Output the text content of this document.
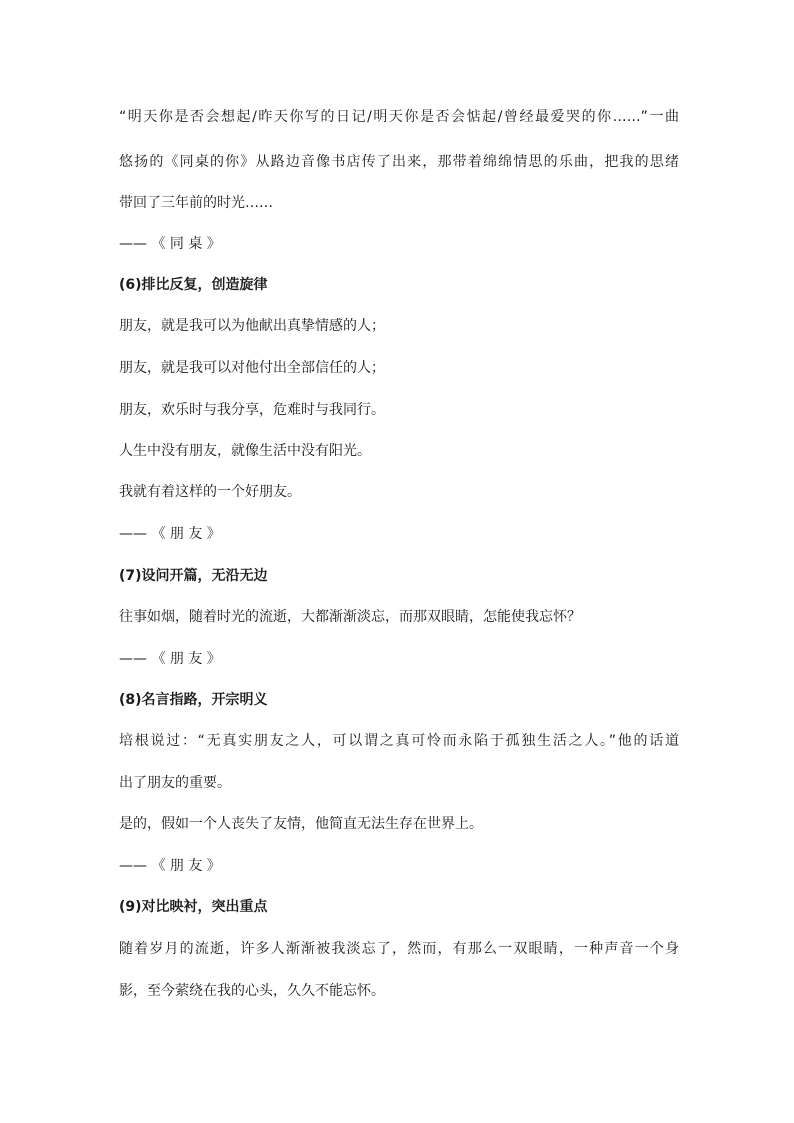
“明天你是否会想起/昨天你写的日记/明天你是否会惦起/曾经最爱哭的你……”一曲
悠扬的《同桌的你》从路边音像书店传了出来，那带着绵绵情思的乐曲，把我的思绪
带回了三年前的时光……
—— 《 同 桌 》
(6)排比反复，创造旋律
朋友，就是我可以为他献出真挚情感的人；
朋友，就是我可以对他付出全部信任的人；
朋友，欢乐时与我分享，危难时与我同行。
人生中没有朋友，就像生活中没有阳光。
我就有着这样的一个好朋友。
—— 《 朋 友 》
(7)设问开篇，无沿无边
往事如烟，随着时光的流逝，大都渐渐淡忘，而那双眼睛，怎能使我忘怀？
—— 《 朋 友 》
(8)名言指路，开宗明义
培根说过：“无真实朋友之人，可以谓之真可怜而永陷于孤独生活之人。”他的话道
出了朋友的重要。
是的，假如一个人丧失了友情，他简直无法生存在世界上。
—— 《 朋 友 》
(9)对比映衬，突出重点
随着岁月的流逝，许多人渐渐被我淡忘了，然而，有那么一双眼睛，一种声音一个身
影，至今萦绕在我的心头，久久不能忘怀。
